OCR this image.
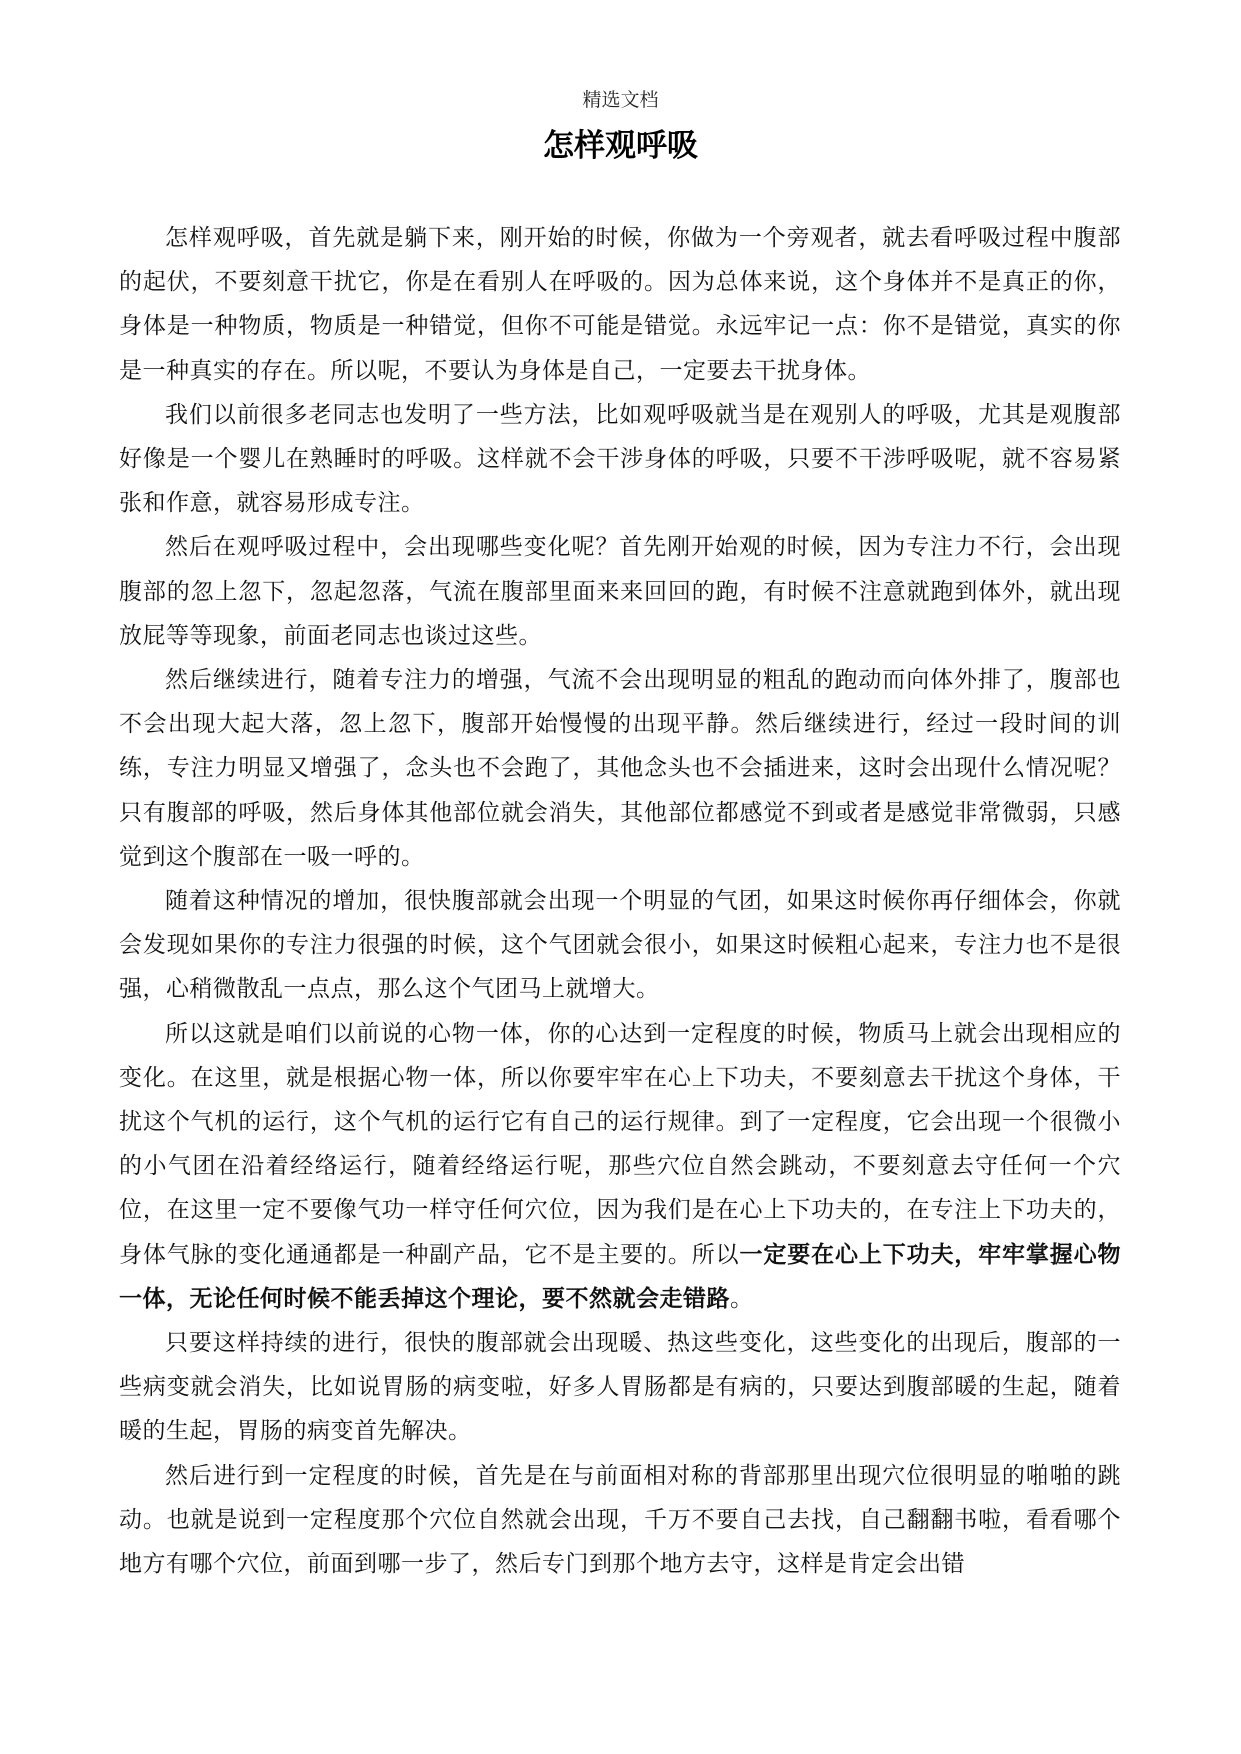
精选文档
怎样观呼吸

怎样观呼吸，首先就是躺下来，刚开始的时候，你做为一个旁观者，就去看呼吸过程中腹部的起伏，不要刻意干扰它，你是在看别人在呼吸的。因为总体来说，这个身体并不是真正的你，身体是一种物质，物质是一种错觉，但你不可能是错觉。永远牢记一点：你不是错觉，真实的你是一种真实的存在。所以呢，不要认为身体是自己，一定要去干扰身体。

我们以前很多老同志也发明了一些方法，比如观呼吸就当是在观别人的呼吸，尤其是观腹部好像是一个婴儿在熟睡时的呼吸。这样就不会干涉身体的呼吸，只要不干涉呼吸呢，就不容易紧张和作意，就容易形成专注。

然后在观呼吸过程中，会出现哪些变化呢？首先刚开始观的时候，因为专注力不行，会出现腹部的忽上忽下，忽起忽落，气流在腹部里面来来回回的跑，有时候不注意就跑到体外，就出现放屁等等现象，前面老同志也谈过这些。

然后继续进行，随着专注力的增强，气流不会出现明显的粗乱的跑动而向体外排了，腹部也不会出现大起大落，忽上忽下，腹部开始慢慢的出现平静。然后继续进行，经过一段时间的训练，专注力明显又增强了，念头也不会跑了，其他念头也不会插进来，这时会出现什么情况呢？只有腹部的呼吸，然后身体其他部位就会消失，其他部位都感觉不到或者是感觉非常微弱，只感觉到这个腹部在一吸一呼的。

随着这种情况的增加，很快腹部就会出现一个明显的气团，如果这时候你再仔细体会，你就会发现如果你的专注力很强的时候，这个气团就会很小，如果这时候粗心起来，专注力也不是很强，心稍微散乱一点点，那么这个气团马上就增大。

所以这就是咱们以前说的心物一体，你的心达到一定程度的时候，物质马上就会出现相应的变化。在这里，就是根据心物一体，所以你要牢牢在心上下功夫，不要刻意去干扰这个身体，干扰这个气机的运行，这个气机的运行它有自己的运行规律。到了一定程度，它会出现一个很微小的小气团在沿着经络运行，随着经络运行呢，那些穴位自然会跳动，不要刻意去守任何一个穴位，在这里一定不要像气功一样守任何穴位，因为我们是在心上下功夫的，在专注上下功夫的，身体气脉的变化通通都是一种副产品，它不是主要的。所以一定要在心上下功夫，牢牢掌握心物一体，无论任何时候不能丢掉这个理论，要不然就会走错路。

只要这样持续的进行，很快的腹部就会出现暖、热这些变化，这些变化的出现后，腹部的一些病变就会消失，比如说胃肠的病变啦，好多人胃肠都是有病的，只要达到腹部暖的生起，随着暖的生起，胃肠的病变首先解决。

然后进行到一定程度的时候，首先是在与前面相对称的背部那里出现穴位很明显的啪啪的跳动。也就是说到一定程度那个穴位自然就会出现，千万不要自己去找，自己翻翻书啦，看看哪个地方有哪个穴位，前面到哪一步了，然后专门到那个地方去守，这样是肯定会出错
